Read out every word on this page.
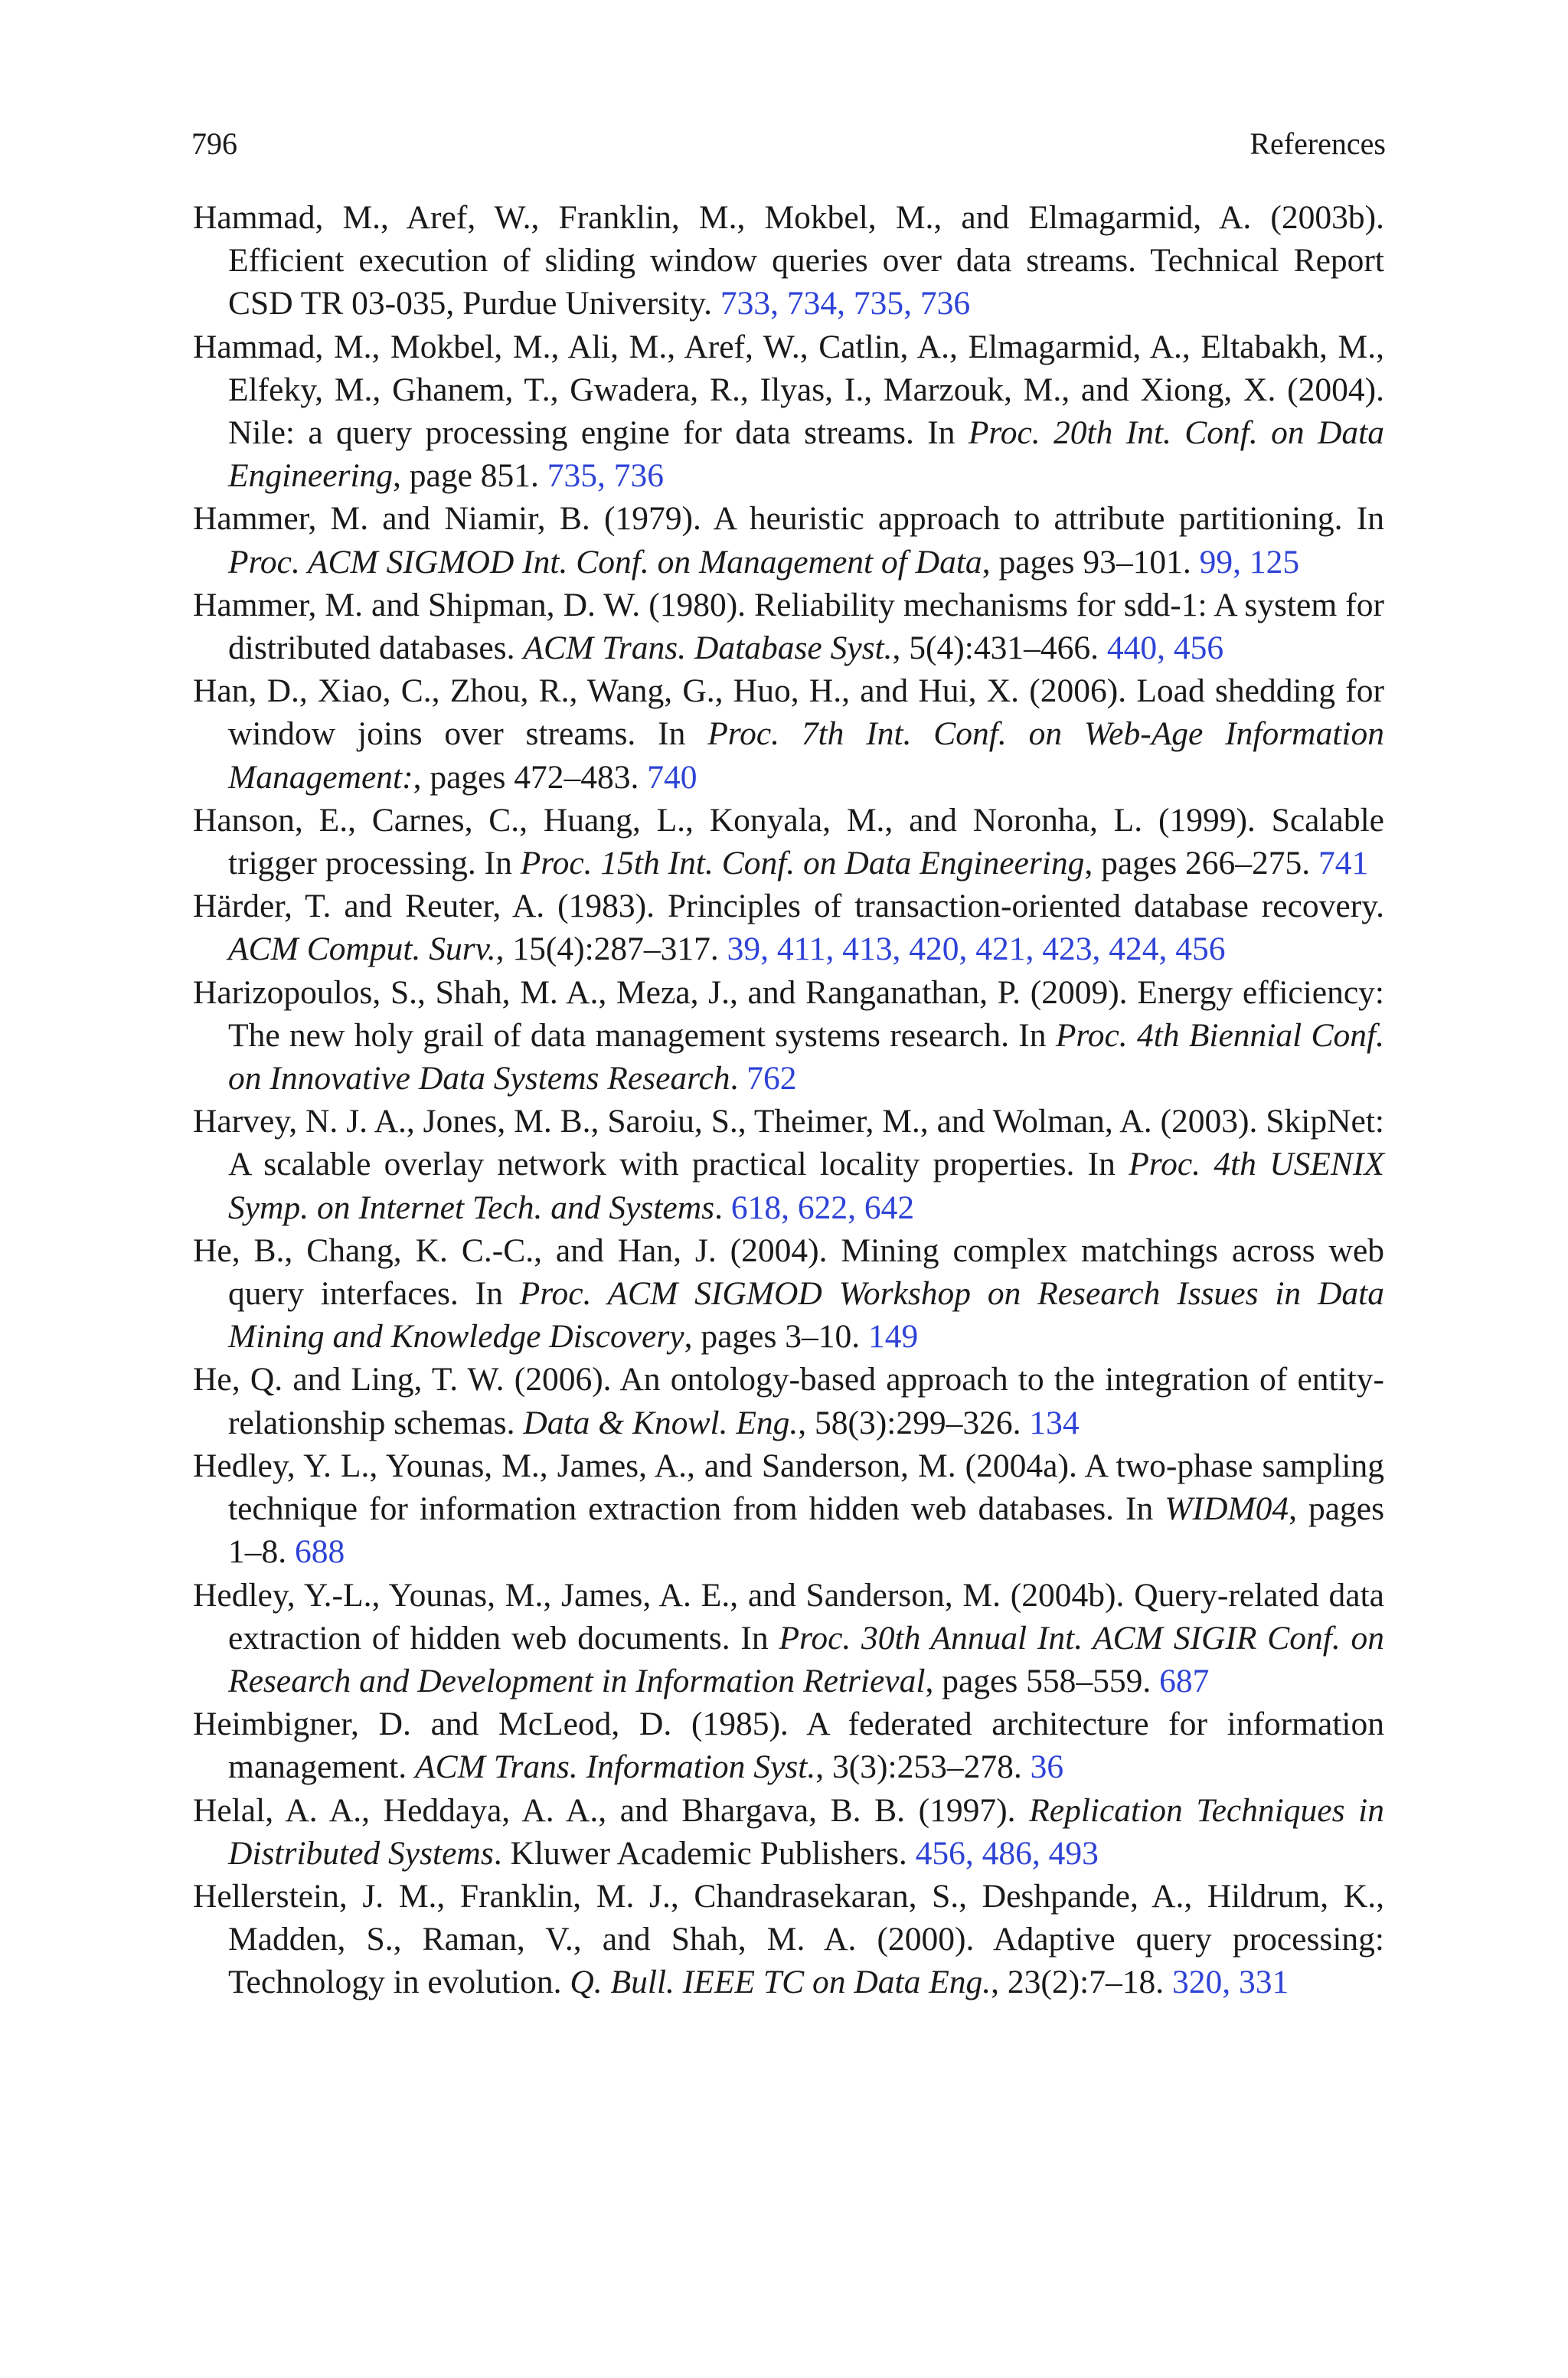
796	References

Hammad, M., Aref, W., Franklin, M., Mokbel, M., and Elmagarmid, A. (2003b). Efficient execution of sliding window queries over data streams. Technical Report CSD TR 03-035, Purdue University. 733, 734, 735, 736

Hammad, M., Mokbel, M., Ali, M., Aref, W., Catlin, A., Elmagarmid, A., Eltabakh, M., Elfeky, M., Ghanem, T., Gwadera, R., Ilyas, I., Marzouk, M., and Xiong, X. (2004). Nile: a query processing engine for data streams. In Proc. 20th Int. Conf. on Data Engineering, page 851. 735, 736

Hammer, M. and Niamir, B. (1979). A heuristic approach to attribute partitioning. In Proc. ACM SIGMOD Int. Conf. on Management of Data, pages 93–101. 99, 125

Hammer, M. and Shipman, D. W. (1980). Reliability mechanisms for sdd-1: A system for distributed databases. ACM Trans. Database Syst., 5(4):431–466. 440, 456

Han, D., Xiao, C., Zhou, R., Wang, G., Huo, H., and Hui, X. (2006). Load shedding for window joins over streams. In Proc. 7th Int. Conf. on Web-Age Information Management:, pages 472–483. 740

Hanson, E., Carnes, C., Huang, L., Konyala, M., and Noronha, L. (1999). Scalable trigger processing. In Proc. 15th Int. Conf. on Data Engineering, pages 266–275. 741

Härder, T. and Reuter, A. (1983). Principles of transaction-oriented database recovery. ACM Comput. Surv., 15(4):287–317. 39, 411, 413, 420, 421, 423, 424, 456

Harizopoulos, S., Shah, M. A., Meza, J., and Ranganathan, P. (2009). Energy efficiency: The new holy grail of data management systems research. In Proc. 4th Biennial Conf. on Innovative Data Systems Research. 762

Harvey, N. J. A., Jones, M. B., Saroiu, S., Theimer, M., and Wolman, A. (2003). SkipNet: A scalable overlay network with practical locality properties. In Proc. 4th USENIX Symp. on Internet Tech. and Systems. 618, 622, 642

He, B., Chang, K. C.-C., and Han, J. (2004). Mining complex matchings across web query interfaces. In Proc. ACM SIGMOD Workshop on Research Issues in Data Mining and Knowledge Discovery, pages 3–10. 149

He, Q. and Ling, T. W. (2006). An ontology-based approach to the integration of entity-relationship schemas. Data & Knowl. Eng., 58(3):299–326. 134

Hedley, Y. L., Younas, M., James, A., and Sanderson, M. (2004a). A two-phase sampling technique for information extraction from hidden web databases. In WIDM04, pages 1–8. 688

Hedley, Y.-L., Younas, M., James, A. E., and Sanderson, M. (2004b). Query-related data extraction of hidden web documents. In Proc. 30th Annual Int. ACM SIGIR Conf. on Research and Development in Information Retrieval, pages 558–559. 687

Heimbigner, D. and McLeod, D. (1985). A federated architecture for information management. ACM Trans. Information Syst., 3(3):253–278. 36

Helal, A. A., Heddaya, A. A., and Bhargava, B. B. (1997). Replication Techniques in Distributed Systems. Kluwer Academic Publishers. 456, 486, 493

Hellerstein, J. M., Franklin, M. J., Chandrasekaran, S., Deshpande, A., Hildrum, K., Madden, S., Raman, V., and Shah, M. A. (2000). Adaptive query processing: Technology in evolution. Q. Bull. IEEE TC on Data Eng., 23(2):7–18. 320, 331
